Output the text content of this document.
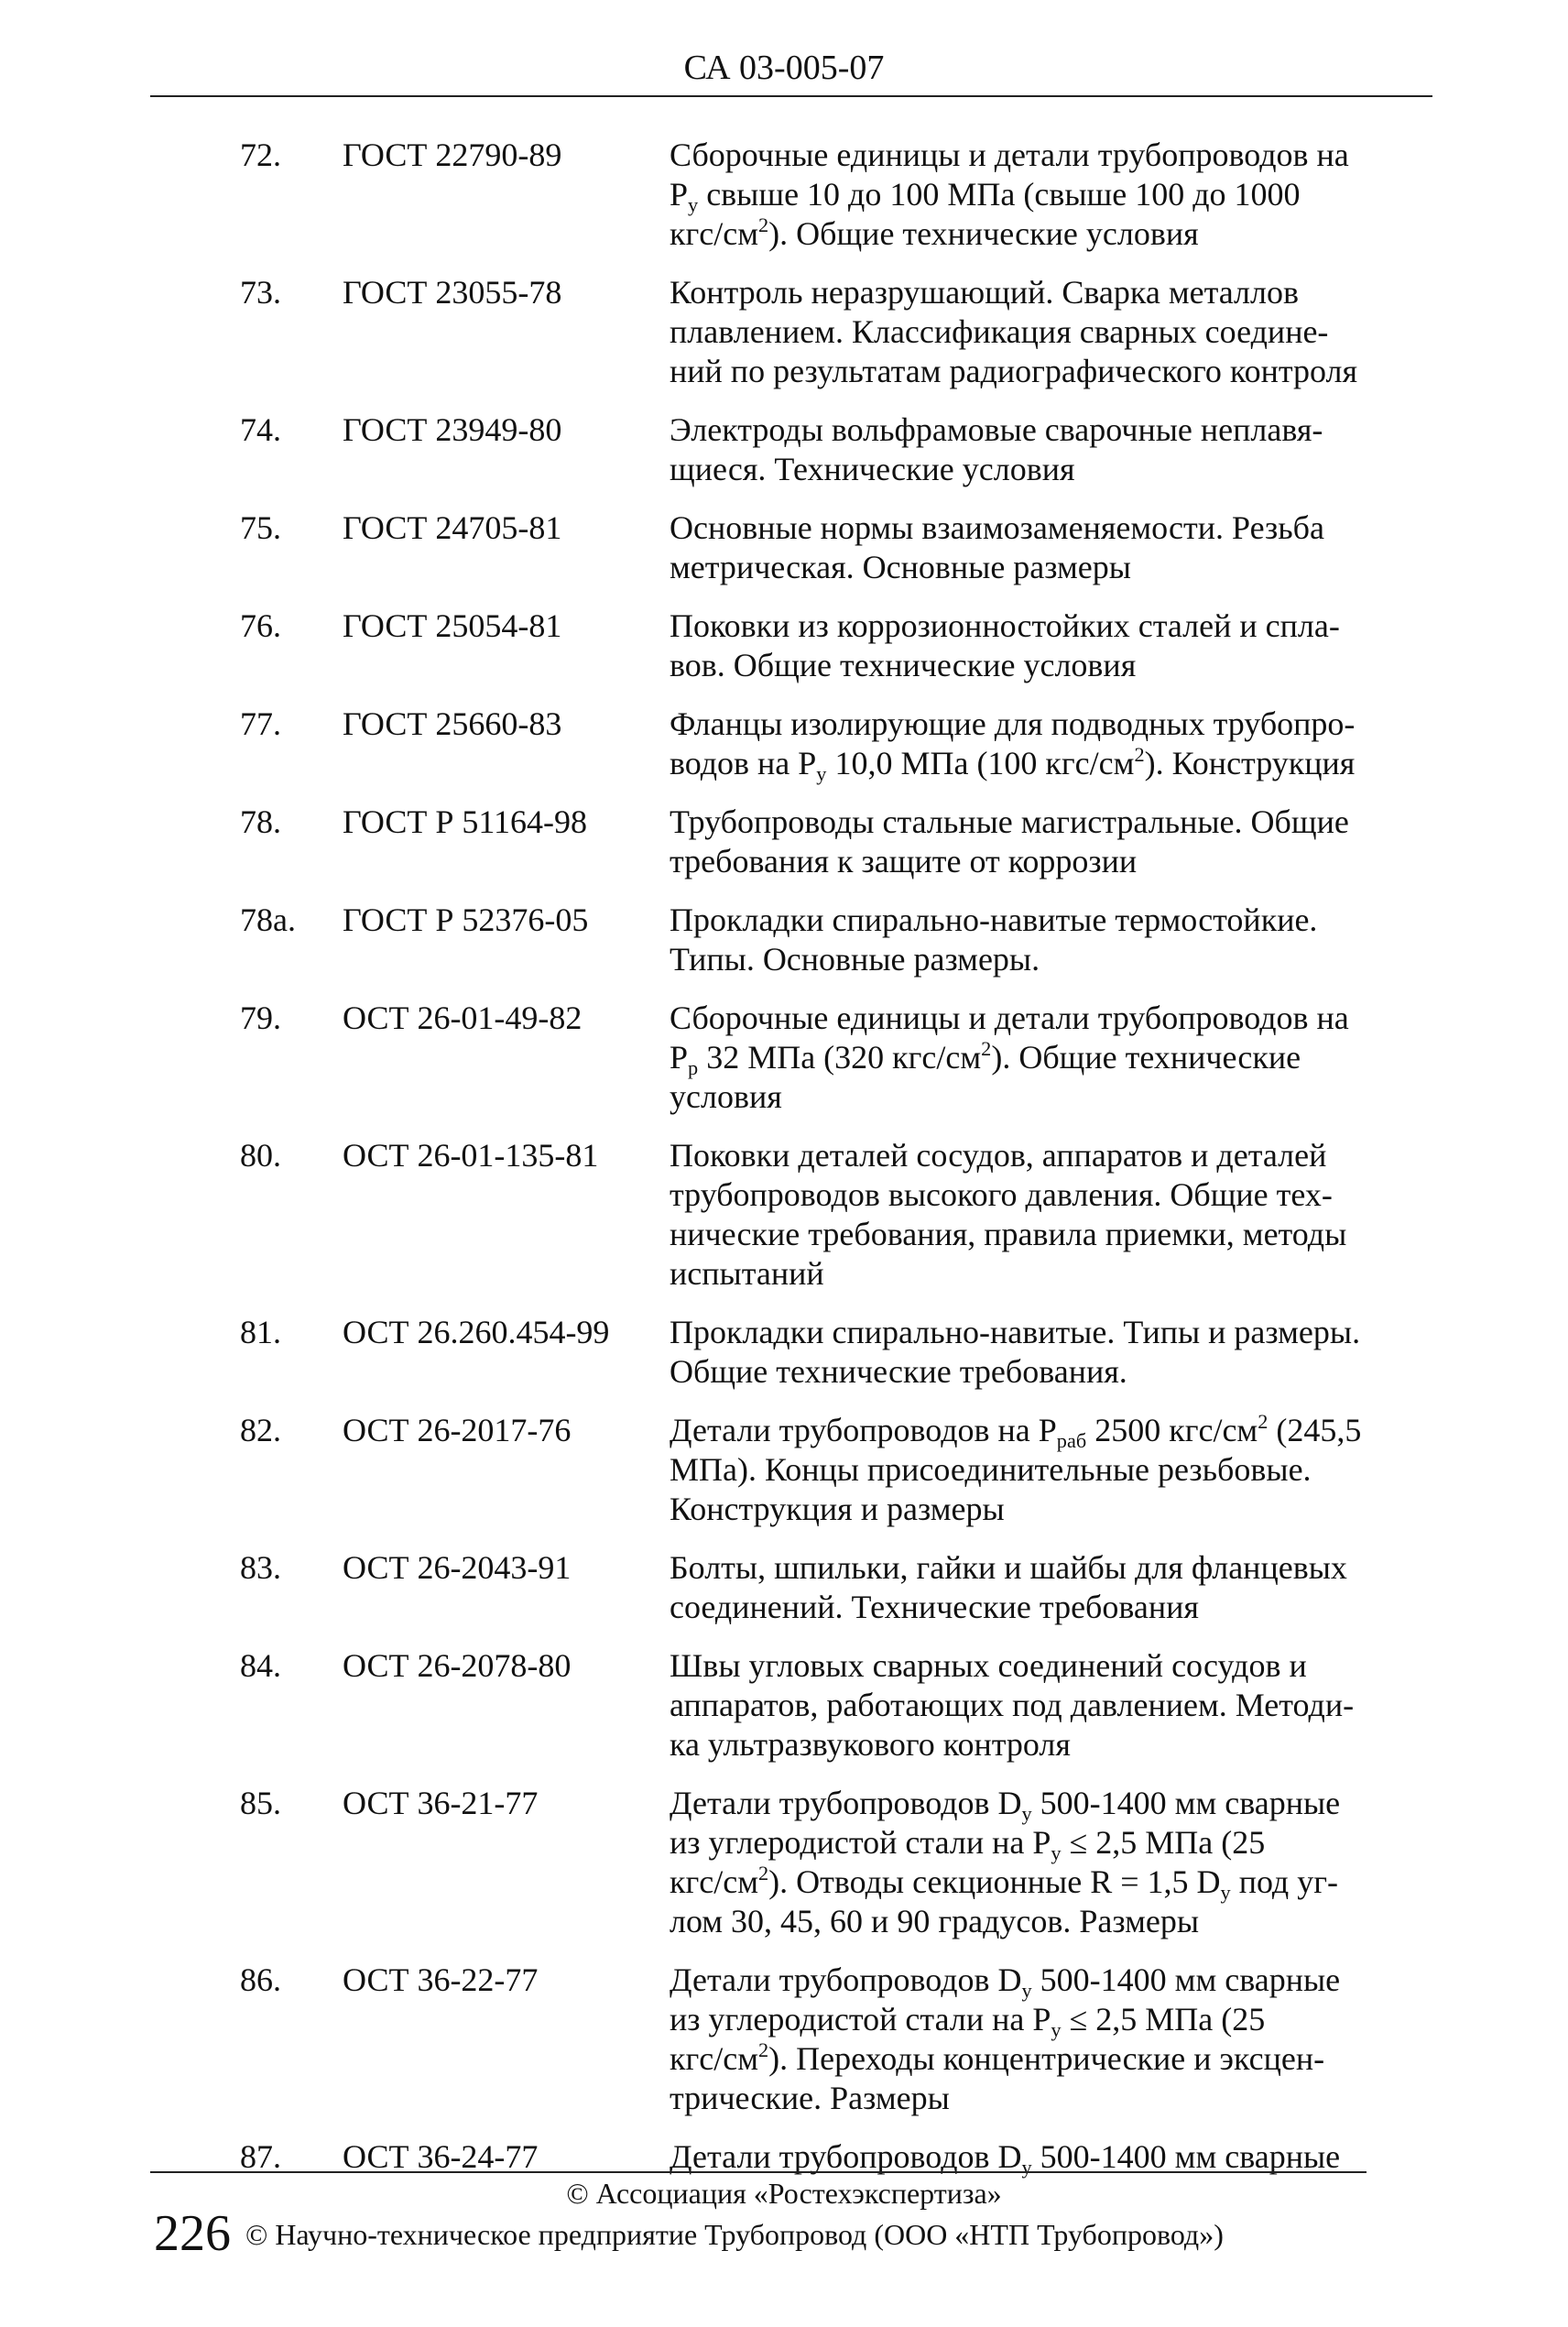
СА 03-005-07
72. ГОСТ 22790-89	Сборочные единицы и детали трубопроводов на
$P_у$ свыше 10 до 100 МПа (свыше 100 до 1000
кгс/$см^2$). Общие технические условия
73. ГОСТ 23055-78	Контроль неразрушающий. Сварка металлов
плавлением. Классификация сварных соедине-
ний по результатам радиографического контроля
74. ГОСТ 23949-80	Электроды вольфрамовые сварочные неплавя-
щиеся. Технические условия
75. ГОСТ 24705-81	Основные нормы взаимозаменяемости. Резьба
метрическая. Основные размеры
76. ГОСТ 25054-81	Поковки из коррозионностойких сталей и спла-
вов. Общие технические условия
77. ГОСТ 25660-83	Фланцы изолирующие для подводных трубопро-
водов на $P_у$ 10,0 МПа (100 кгс/$см^2$). Конструкция
78. ГОСТ Р 51164-98 Трубопроводы стальные магистральные. Общие
требования к защите от коррозии
78а. ГОСТ Р 52376-05 Прокладки спирально-навитые термостойкие.
Типы. Основные размеры.
79. ОСТ 26-01-49-82	Сборочные единицы и детали трубопроводов на
$P_р$ 32 МПа (320 кгс/$см^2$). Общие технические
условия
80. ОСТ 26-01-135-81 Поковки деталей сосудов, аппаратов и деталей
трубопроводов высокого давления. Общие тех-
нические требования, правила приемки, методы
испытаний
81. ОСТ 26.260.454-99 Прокладки спирально-навитые. Типы и размеры.
Общие технические требования.
82. ОСТ 26-2017-76	Детали трубопроводов на $P_{раб}$ 2500 кгс/$см^2$ (245,5
МПа). Концы присоединительные резьбовые.
Конструкция и размеры
83. ОСТ 26-2043-91	Болты, шпильки, гайки и шайбы для фланцевых
соединений. Технические требования
84. ОСТ 26-2078-80	Швы угловых сварных соединений сосудов и
аппаратов, работающих под давлением. Методи-
ка ультразвукового контроля
85. ОСТ 36-21-77	Детали трубопроводов $D_у$ 500-1400 мм сварные
из углеродистой стали на $P_у \le 2,5$ МПа (25
кгс/$см^2$). Отводы секционные R = 1,5 $D_у$ под уг-
лом 30, 45, 60 и 90 градусов. Размеры
86. ОСТ 36-22-77	Детали трубопроводов $D_у$ 500-1400 мм сварные
из углеродистой стали на $P_у \le 2,5$ МПа (25
кгс/$см^2$). Переходы концентрические и эксцен-
трические. Размеры
87. ОСТ 36-24-77	Детали трубопроводов $D_у$ 500-1400 мм сварные
© Ассоциация «Ростехэкспертиза»
226 © Научно-техническое предприятие Трубопровод (ООО «НТП Трубопровод»)
